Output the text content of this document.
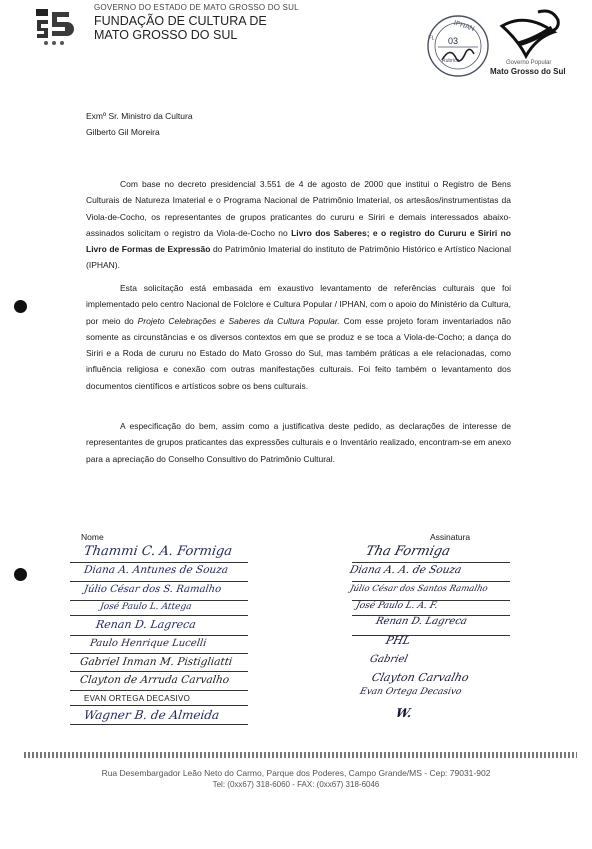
GOVERNO DO ESTADO DE MATO GROSSO DO SUL
FUNDAÇÃO DE CULTURA DE
MATO GROSSO DO SUL
IPHAN
Fl. 03
Rubrica	Governo Popular
Mato Grosso do Sul
Exmº Sr. Ministro da Cultura
Gilberto Gil Moreira
Com base no decreto presidencial 3.551 de 4 de agosto de 2000 que institui o Registro de Bens Culturais de Natureza Imaterial e o Programa Nacional de Patrimônio Imaterial, os artesãos/instrumentistas da Viola-de-Cocho, os representantes de grupos praticantes do cururu e Siriri e demais interessados abaixo-assinados solicitam o registro da Viola-de-Cocho no Livro dos Saberes; e o registro do Cururu e Siriri no Livro de Formas de Expressão do Patrimônio Imaterial do instituto de Patrimônio Histórico e Artístico Nacional (IPHAN).
Esta solicitação está embasada em exaustivo levantamento de referências culturais que foi implementado pelo centro Nacional de Folclore e Cultura Popular / IPHAN, com o apoio do Ministério da Cultura, por meio do Projeto Celebrações e Saberes da Cultura Popular. Com esse projeto foram inventariados não somente as circunstâncias e os diversos contextos em que se produz e se toca a Viola-de-Cocho; a dança do Siriri e a Roda de cururu no Estado do Mato Grosso do Sul, mas também práticas a ele relacionadas, como influência religiosa e conexão com outras manifestações culturais. Foi feito também o levantamento dos documentos científicos e artísticos sobre os bens culturais.
A especificação do bem, assim como a justificativa deste pedido, as declarações de interesse de representantes de grupos praticantes das expressões culturais e o Inventário realizado, encontram-se em anexo para a apreciação do Conselho Consultivo do Patrimônio Cultural.
Nome	Assinatura
Thammi C. A. Formiga
Diana A. Antunes de Souza
Júlio César dos S. Ramalho
José Paulo L. Attega
Renan D. Lagreca
Paulo Henrique Lucelli
Gabriel Inman M. Pistigliatti
Clayton de Arruda Carvalho
EVAN ORTEGA DECASIVO
Wagner B. de Almeida
Tha Formiga
Diana A. A. de Souza
Júlio César dos Santos Ramalho
José Paulo L. A. F.
Renan D. Lagreca
PHL
Gabriel
Clayton Carvalho
Evan Ortega Decasivo
W.
Rua Desembargador Leão Neto do Carmo, Parque dos Poderes, Campo Grande/MS - Cep: 79031-902
Tel: (0xx67) 318-6060 - FAX: (0xx67) 318-6046
